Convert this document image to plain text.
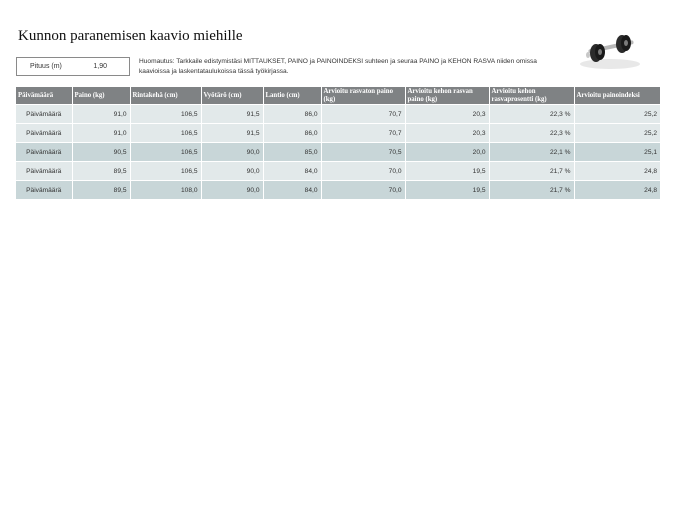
Kunnon paranemisen kaavio miehille
Pituus (m)	1,90
Huomautus: Tarkkaile edistymistäsi MITTAUKSET, PAINO ja PAINOINDEKSI suhteen ja seuraa PAINO ja KEHON RASVA niiden omissa kaavioissa ja laskentataulukoissa tässä työkirjassa.
Päivämäärä	Paino (kg)	Rintakehä (cm)	Vyötärö (cm)	Lantio (cm)	Arvioitu rasvaton paino (kg)	Arvioitu kehon rasvan paino (kg)	Arvioitu kehon rasvaprosentti (kg)	Arvioitu painoindeksi
Päivämäärä	91,0	106,5	91,5	86,0	70,7	20,3	22,3 %	25,2
Päivämäärä	91,0	106,5	91,5	86,0	70,7	20,3	22,3 %	25,2
Päivämäärä	90,5	106,5	90,0	85,0	70,5	20,0	22,1 %	25,1
Päivämäärä	89,5	106,5	90,0	84,0	70,0	19,5	21,7 %	24,8
Päivämäärä	89,5	108,0	90,0	84,0	70,0	19,5	21,7 %	24,8
